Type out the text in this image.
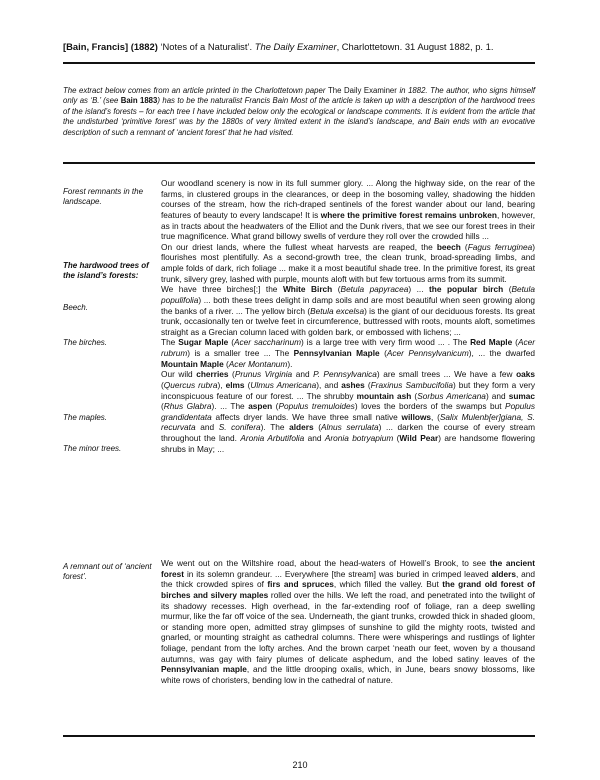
[Bain, Francis] (1882) ‘Notes of a Naturalist’. The Daily Examiner, Charlottetown. 31 August 1882, p. 1.
The extract below comes from an article printed in the Charlottetown paper The Daily Examiner in 1882. The author, who signs himself only as ‘B.’ (see Bain 1883) has to be the naturalist Francis Bain Most of the article is taken up with a description of the hardwood trees of the island’s forests – for each tree I have included below only the ecological or landscape comments. It is evident from the article that the undisturbed ‘primitive forest’ was by the 1880s of very limited extent in the island’s landscape, and Bain ends with an evocative description of such a remnant of ‘ancient forest’ that he had visited.
Forest remnants in the landscape.
The hardwood trees of the island’s forests:
Beech.
The birches.
The maples.
The minor trees.
A remnant out of ‘ancient forest’.

Our woodland scenery is now in its full summer glory. ... Along the highway side, on the rear of the farms, in clustered groups in the clearances, or deep in the bosoming valley, shadowing the hidden courses of the stream, how the rich-draped sentinels of the forest wander about our land, bearing features of beauty to every landscape! It is where the primitive forest remains unbroken, however, as in tracts about the headwaters of the Elliot and the Dunk rivers, that we see our forest trees in their true magnificence. What grand billowy swells of verdure they roll over the crowded hills ...

On our driest lands, where the fullest wheat harvests are reaped, the beech (Fagus ferruginea) flourishes most plentifully. As a second-growth tree, the clean trunk, broad-spreading limbs, and ample folds of dark, rich foliage ... make it a most beautiful shade tree. In the primitive forest, its great trunk, silvery grey, lashed with purple, mounts aloft with but few tortuous arms from its summit.

We have three birches[:] the White Birch (Betula papyracea) ... the popular birch (Betula populifolia) ... both these trees delight in damp soils and are most beautiful when seen growing along the banks of a river. ... The yellow birch (Betula excelsa) is the giant of our deciduous forests. Its great trunk, occasionally ten or twelve feet in circumference, buttressed with roots, mounts aloft, sometimes straight as a Grecian column laced with golden bark, or embossed with lichens; ...

The Sugar Maple (Acer saccharinum) is a large tree with very firm wood ... . The Red Maple (Acer rubrum) is a smaller tree ... The Pennsylvanian Maple (Acer Pennsylvanicum), ... the dwarfed Mountain Maple (Acer Montanum).

Our wild cherries (Prunus Virginia and P. Pennsylvanica) are small trees ... We have a few oaks (Quercus rubra), elms (Ulmus Americana), and ashes (Fraxinus Sambucifolia) but they form a very inconspicuous feature of our forest. ... The shrubby mountain ash (Sorbus Americana) and sumac (Rhus Glabra). ... The aspen (Populus tremuloides) loves the borders of the swamps but Populus grandidentata affects dryer lands. We have three small native willows, (Salix Mulenb[er]giana, S. recurvata and S. conifera). The alders (Alnus serrulata) ... darken the course of every stream throughout the land. Aronia Arbutifolia and Aronia botryapium (Wild Pear) are handsome flowering shrubs in May; ...

We went out on the Wiltshire road, about the head-waters of Howell’s Brook, to see the ancient forest in its solemn grandeur. ... Everywhere [the stream] was buried in crimped leaved alders, and the thick crowded spires of firs and spruces, which filled the valley. But the grand old forest of birches and silvery maples rolled over the hills. We left the road, and penetrated into the twilight of its shadowy recesses. High overhead, in the far-extending roof of foliage, ran a deep swelling murmur, like the far off voice of the sea. Underneath, the giant trunks, crowded thick in shaded gloom, or standing more open, admitted stray glimpses of sunshine to gild the mighty roots, twisted and gnarled, or mounting straight as cathedral columns. There were whisperings and rustlings of lighter foliage, pendant from the lofty arches. And the brown carpet ‘neath our feet, woven by a thousand autumns, was gay with fairy plumes of delicate asphedum, and the lobed satiny leaves of the Pennsylvanian maple, and the little drooping oxalis, which, in June, bears snowy blossoms, like white rows of choristers, bending low in the cathedral of nature.

210
